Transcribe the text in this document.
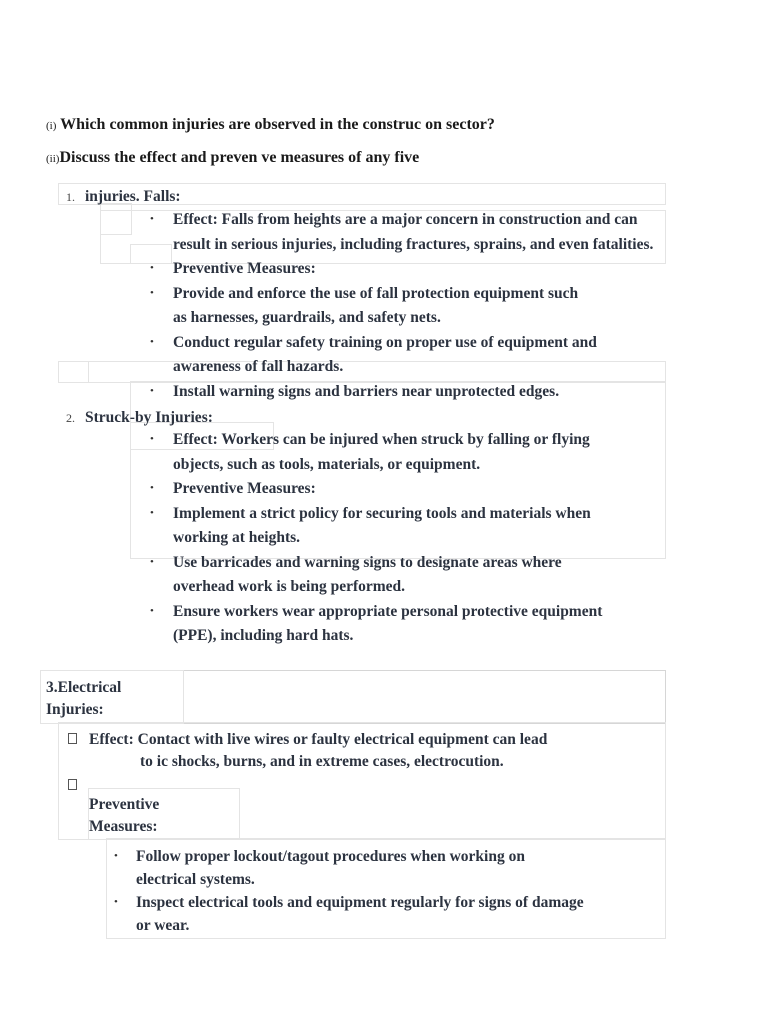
(i) Which common injuries are observed in the construc on sector?
(ii)Discuss the effect and preven ve measures of any five
1. injuries. Falls:
• Effect: Falls from heights are a major concern in construction and can
result in serious injuries, including fractures, sprains, and even fatalities.
• Preventive Measures:
• Provide and enforce the use of fall protection equipment such
as harnesses, guardrails, and safety nets.
• Conduct regular safety training on proper use of equipment and
awareness of fall hazards.
• Install warning signs and barriers near unprotected edges.
2. Struck-by Injuries:
• Effect: Workers can be injured when struck by falling or flying
objects, such as tools, materials, or equipment.
• Preventive Measures:
• Implement a strict policy for securing tools and materials when
working at heights.
• Use barricades and warning signs to designate areas where
overhead work is being performed.
• Ensure workers wear appropriate personal protective equipment
(PPE), including hard hats.
3.Electrical
Injuries:
Effect: Contact with live wires or faulty electrical equipment can lead
to ic shocks, burns, and in extreme cases, electrocution.
Preventive
Measures:
• Follow proper lockout/tagout procedures when working on
electrical systems.
• Inspect electrical tools and equipment regularly for signs of damage
or wear.
